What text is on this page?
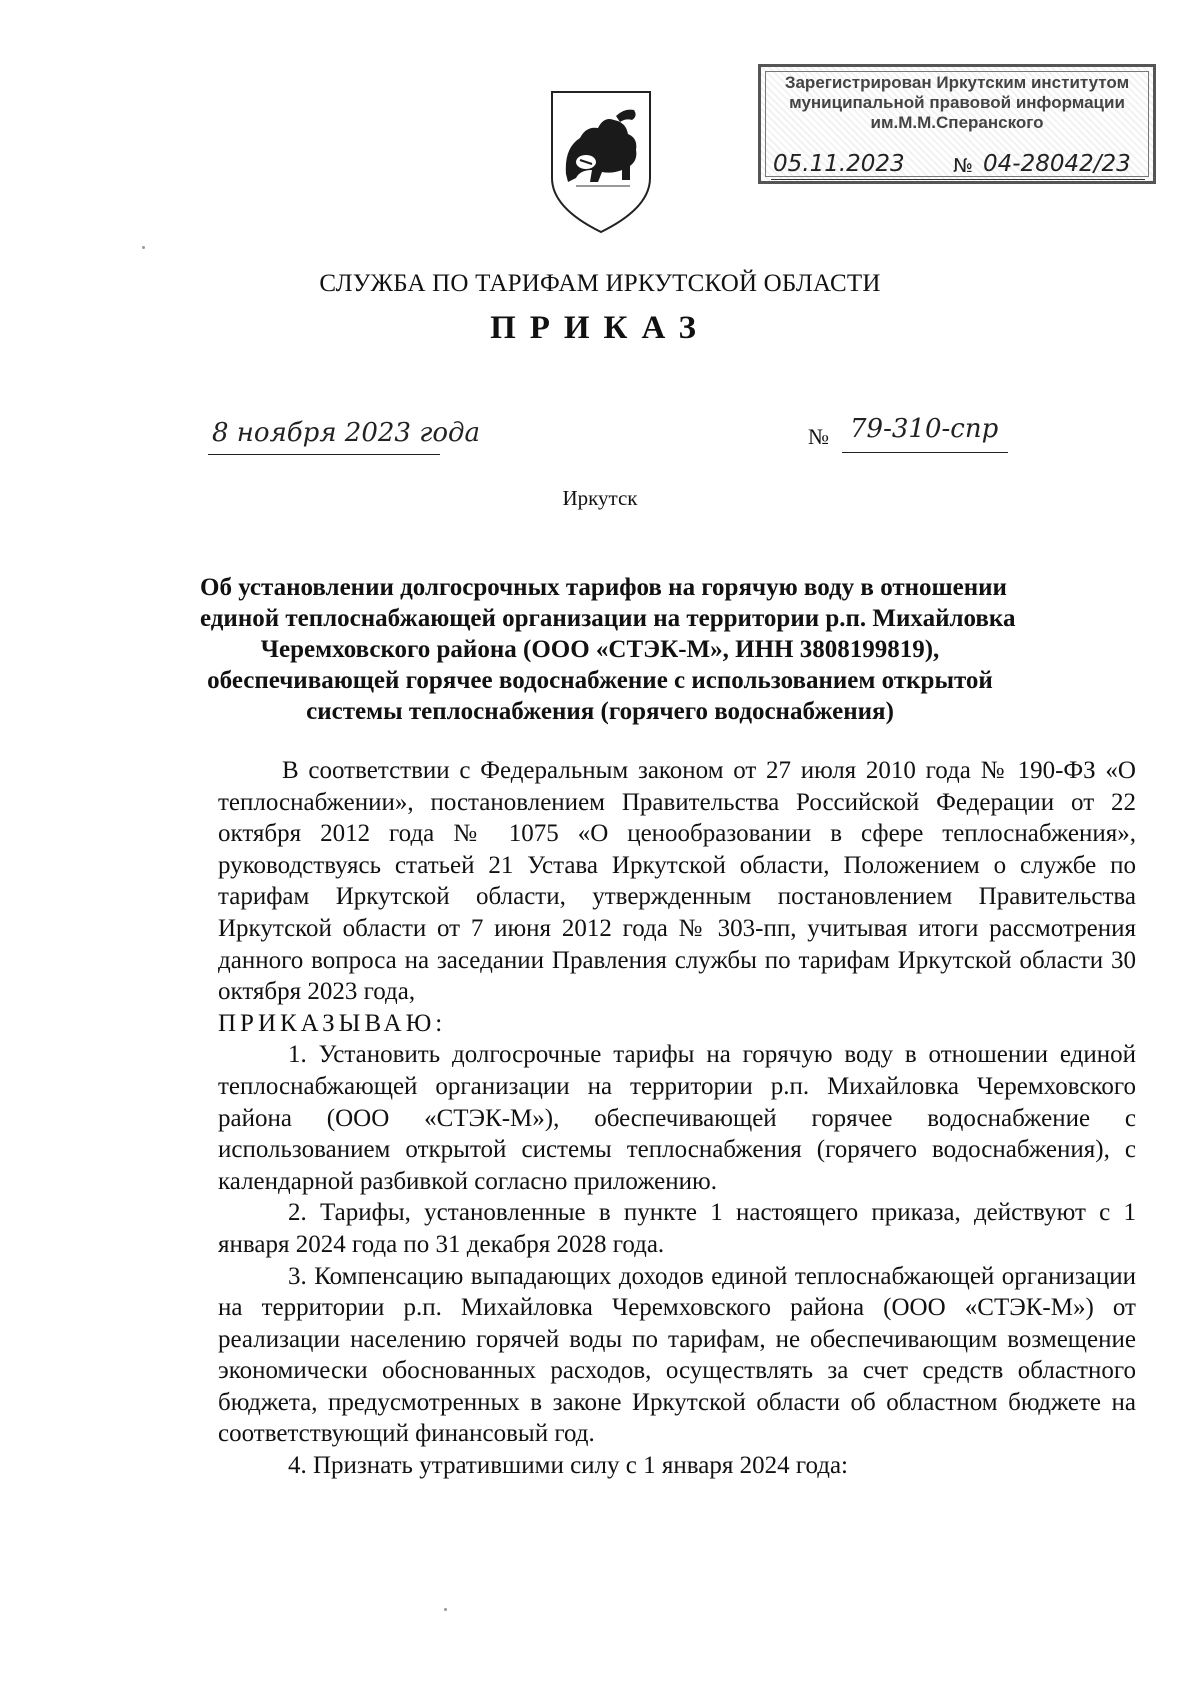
Зарегистрирован Иркутским институтом
муниципальной правовой информации
им.М.М.Сперанского
05.11.2023	№ 04-28042/23
СЛУЖБА ПО ТАРИФАМ ИРКУТСКОЙ ОБЛАСТИ
ПРИКАЗ
8 ноября 2023 года	№ 79-310-спр
Иркутск
Об установлении долгосрочных тарифов на горячую воду в отношении
единой теплоснабжающей организации на территории р.п. Михайловка
Черемховского района (ООО «СТЭК-М», ИНН 3808199819),
обеспечивающей горячее водоснабжение с использованием открытой
системы теплоснабжения (горячего водоснабжения)
В соответствии с Федеральным законом от 27 июля 2010 года № 190-ФЗ «О теплоснабжении», постановлением Правительства Российской Федерации от 22 октября 2012 года № 1075 «О ценообразовании в сфере теплоснабжения», руководствуясь статьей 21 Устава Иркутской области, Положением о службе по тарифам Иркутской области, утвержденным постановлением Правительства Иркутской области от 7 июня 2012 года № 303-пп, учитывая итоги рассмотрения данного вопроса на заседании Правления службы по тарифам Иркутской области 30 октября 2023 года,
ПРИКАЗЫВАЮ:
1. Установить долгосрочные тарифы на горячую воду в отношении единой теплоснабжающей организации на территории р.п. Михайловка Черемховского района (ООО «СТЭК-М»), обеспечивающей горячее водоснабжение с использованием открытой системы теплоснабжения (горячего водоснабжения), с календарной разбивкой согласно приложению.
2. Тарифы, установленные в пункте 1 настоящего приказа, действуют с 1 января 2024 года по 31 декабря 2028 года.
3. Компенсацию выпадающих доходов единой теплоснабжающей организации на территории р.п. Михайловка Черемховского района (ООО «СТЭК-М») от реализации населению горячей воды по тарифам, не обеспечивающим возмещение экономически обоснованных расходов, осуществлять за счет средств областного бюджета, предусмотренных в законе Иркутской области об областном бюджете на соответствующий финансовый год.
4. Признать утратившими силу с 1 января 2024 года:
